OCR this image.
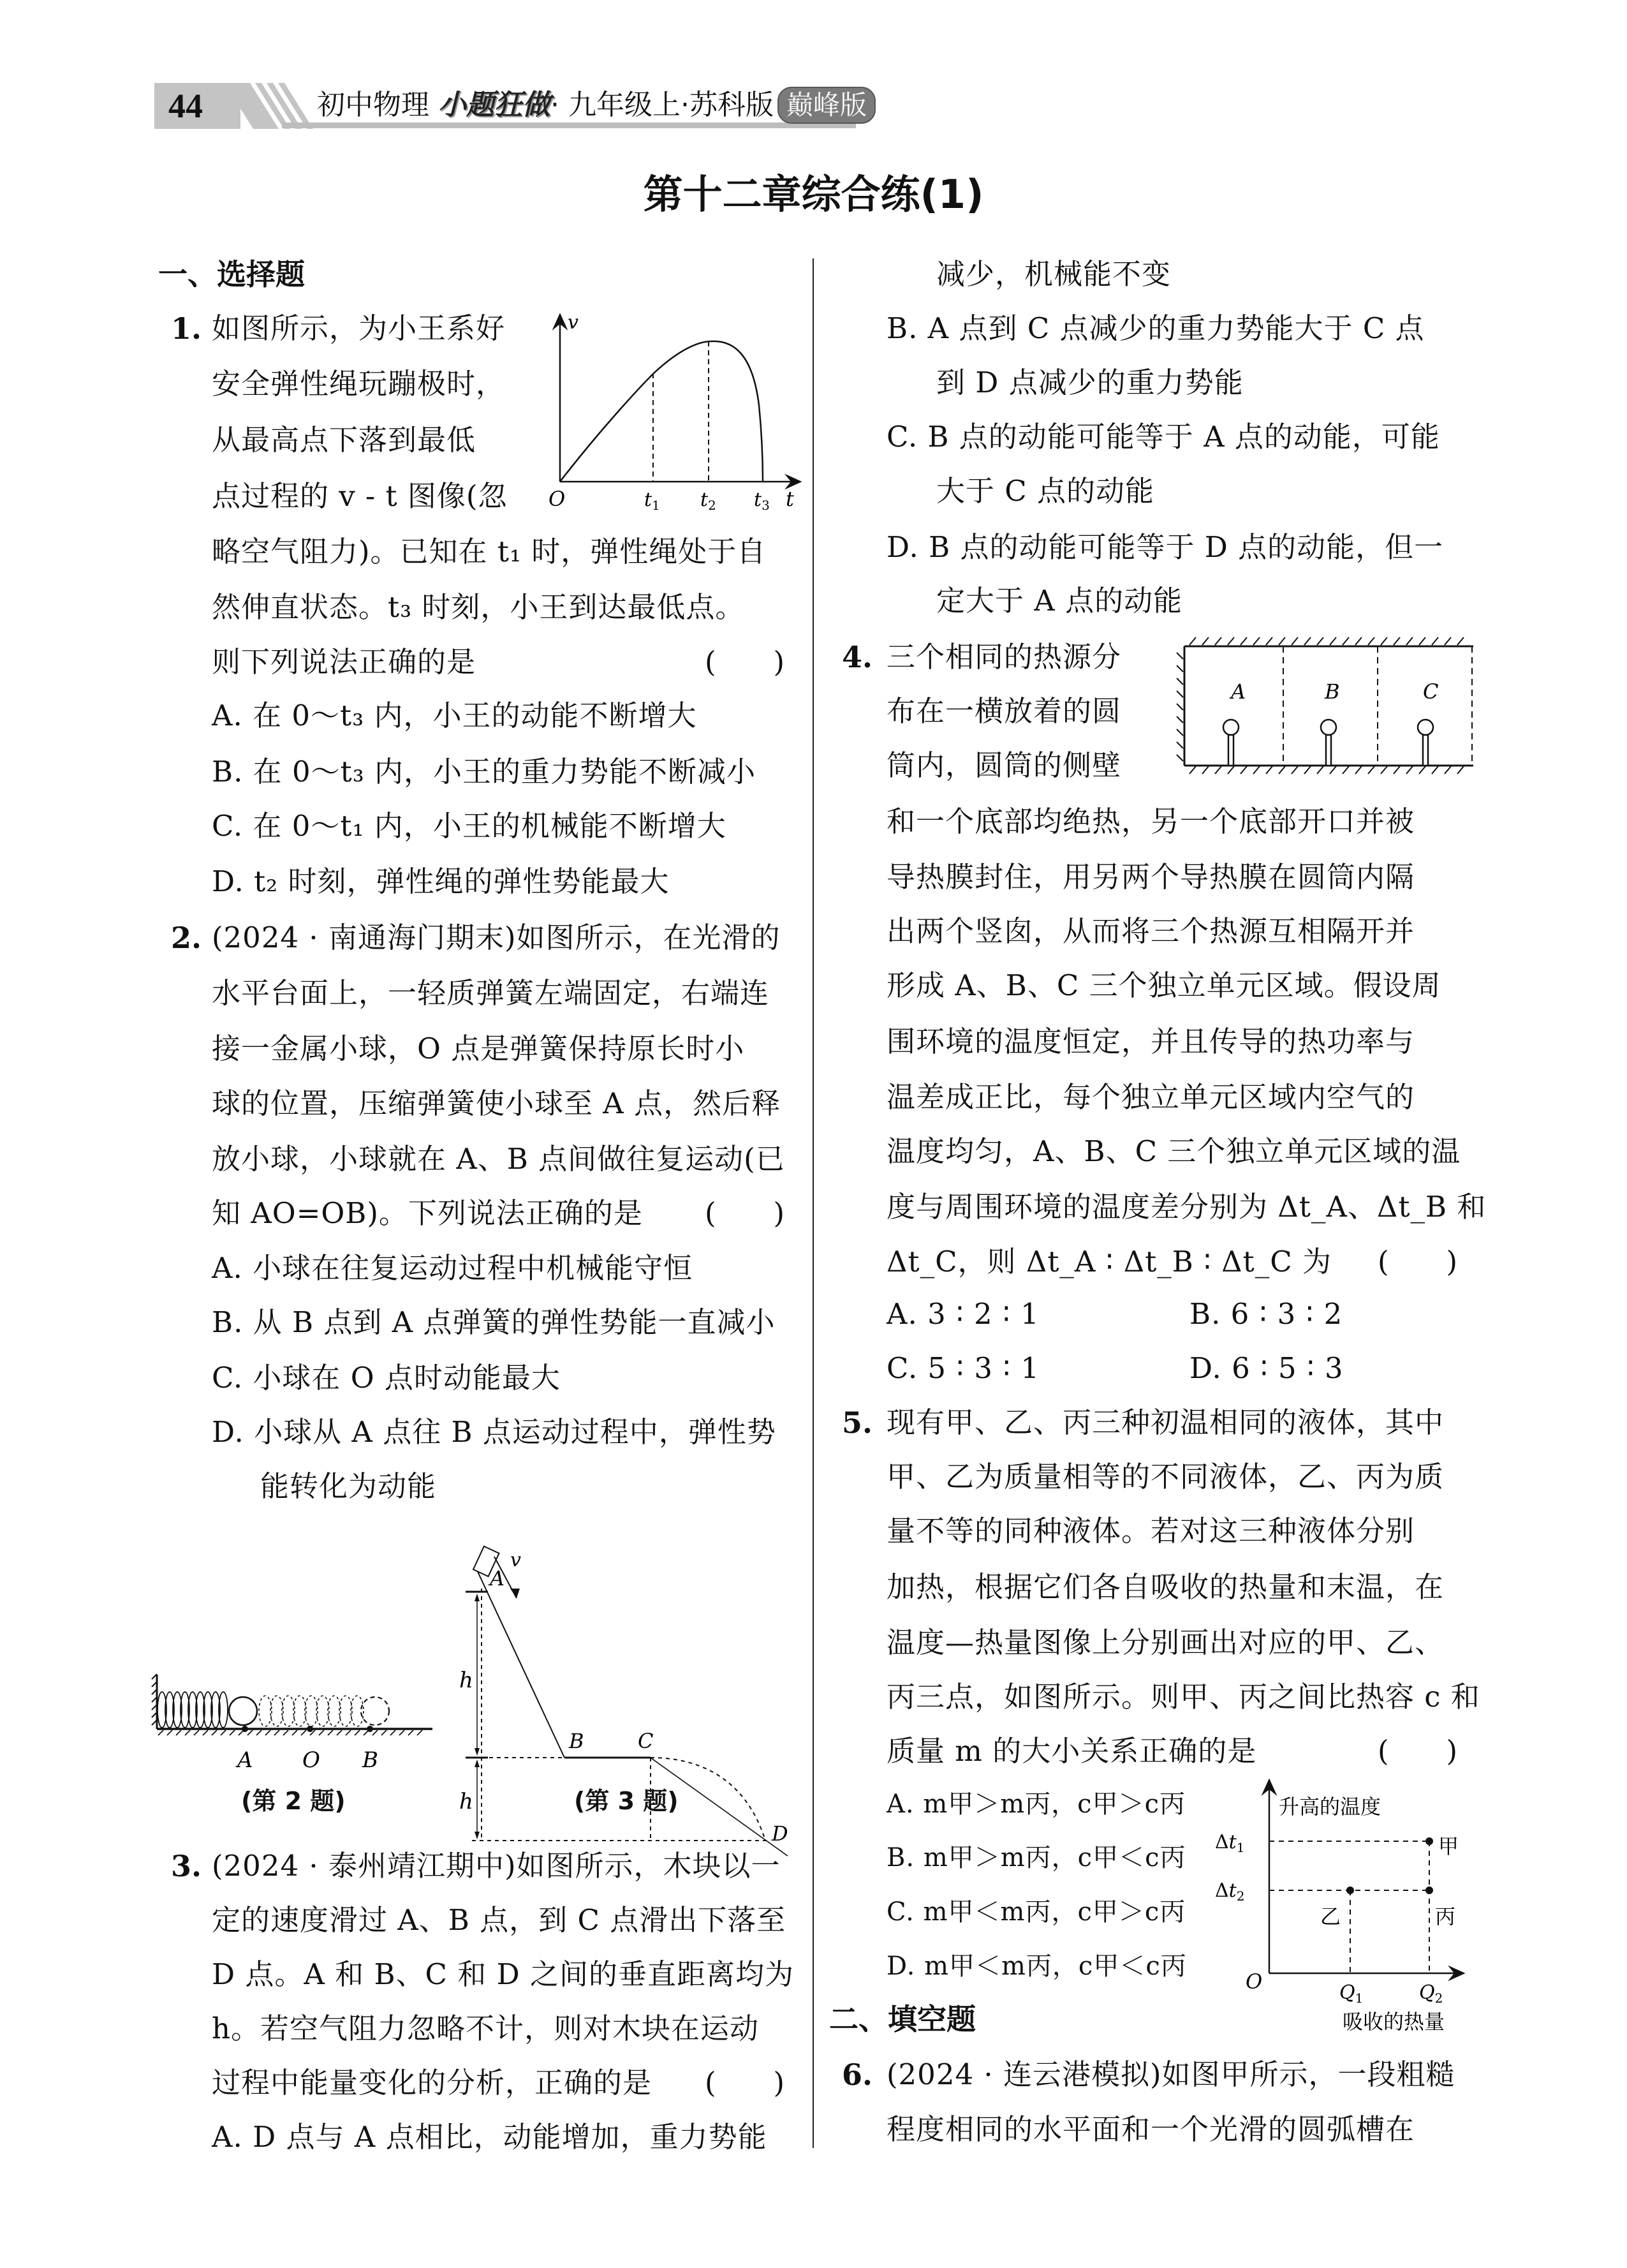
44	初中物理 小题狂做· 九年级上·苏科版 巅峰版
第十二章综合练(1)
一、选择题
1. 如图所示，为小王系好
安全弹性绳玩蹦极时，
从最高点下落到最低
点过程的 v - t 图像(忽
略空气阻力)。已知在 t₁ 时，弹性绳处于自
然伸直状态。t₃ 时刻，小王到达最低点。
则下列说法正确的是	(　　)
A. 在 0～t₃ 内，小王的动能不断增大
B. 在 0～t₃ 内，小王的重力势能不断减小
C. 在 0～t₁ 内，小王的机械能不断增大
D. t₂ 时刻，弹性绳的弹性势能最大
v
O	$t_1$ $t_2$ $t_3$ t
2. (2024 · 南通海门期末)如图所示，在光滑的
水平台面上，一轻质弹簧左端固定，右端连
接一金属小球，O 点是弹簧保持原长时小
球的位置，压缩弹簧使小球至 A 点，然后释
放小球，小球就在 A、B 点间做往复运动(已
知 AO=OB)。下列说法正确的是 (　　)
A. 小球在往复运动过程中机械能守恒
B. 从 B 点到 A 点弹簧的弹性势能一直减小
C. 小球在 O 点时动能最大
D. 小球从 A 点往 B 点运动过程中，弹性势
能转化为动能
A O B
(第 2 题)
v
h
h
A
B	C
D
(第 3 题)
3. (2024 · 泰州靖江期中)如图所示，木块以一
定的速度滑过 A、B 点，到 C 点滑出下落至
D 点。A 和 B、C 和 D 之间的垂直距离均为
h。若空气阻力忽略不计，则对木块在运动
过程中能量变化的分析，正确的是 (　　)
A. D 点与 A 点相比，动能增加，重力势能
减少，机械能不变
B. A 点到 C 点减少的重力势能大于 C 点
到 D 点减少的重力势能
C. B 点的动能可能等于 A 点的动能，可能
大于 C 点的动能
D. B 点的动能可能等于 D 点的动能，但一
定大于 A 点的动能
4. 三个相同的热源分
布在一横放着的圆
筒内，圆筒的侧壁
和一个底部均绝热，另一个底部开口并被
导热膜封住，用另两个导热膜在圆筒内隔
出两个竖囱，从而将三个热源互相隔开并
形成 A、B、C 三个独立单元区域。假设周
围环境的温度恒定，并且传导的热功率与
温差成正比，每个独立单元区域内空气的
温度均匀，A、B、C 三个独立单元区域的温
度与周围环境的温度差分别为 Δt_A、Δt_B 和
Δt_C，则 Δt_A ∶ Δt_B ∶ Δt_C 为 (　　)
A. 3 ∶ 2 ∶ 1	B. 6 ∶ 3 ∶ 2
C. 5 ∶ 3 ∶ 1	D. 6 ∶ 5 ∶ 3
A	B	C
5. 现有甲、乙、丙三种初温相同的液体，其中
甲、乙为质量相等的不同液体，乙、丙为质
量不等的同种液体。若对这三种液体分别
加热，根据它们各自吸收的热量和末温，在
温度—热量图像上分别画出对应的甲、乙、
丙三点，如图所示。则甲、丙之间比热容 c 和
质量 m 的大小关系正确的是	(　　)
A. m甲＞m丙，c甲＞c丙
B. m甲＞m丙，c甲＜c丙
C. m甲＜m丙，c甲＞c丙
D. m甲＜m丙，c甲＜c丙
升高的温度
$\Delta t_1$
$\Delta t_2$
甲
乙	丙
O	$Q_1$	$Q_2$
吸收的热量
二、填空题
6. (2024 · 连云港模拟)如图甲所示，一段粗糙
程度相同的水平面和一个光滑的圆弧槽在
